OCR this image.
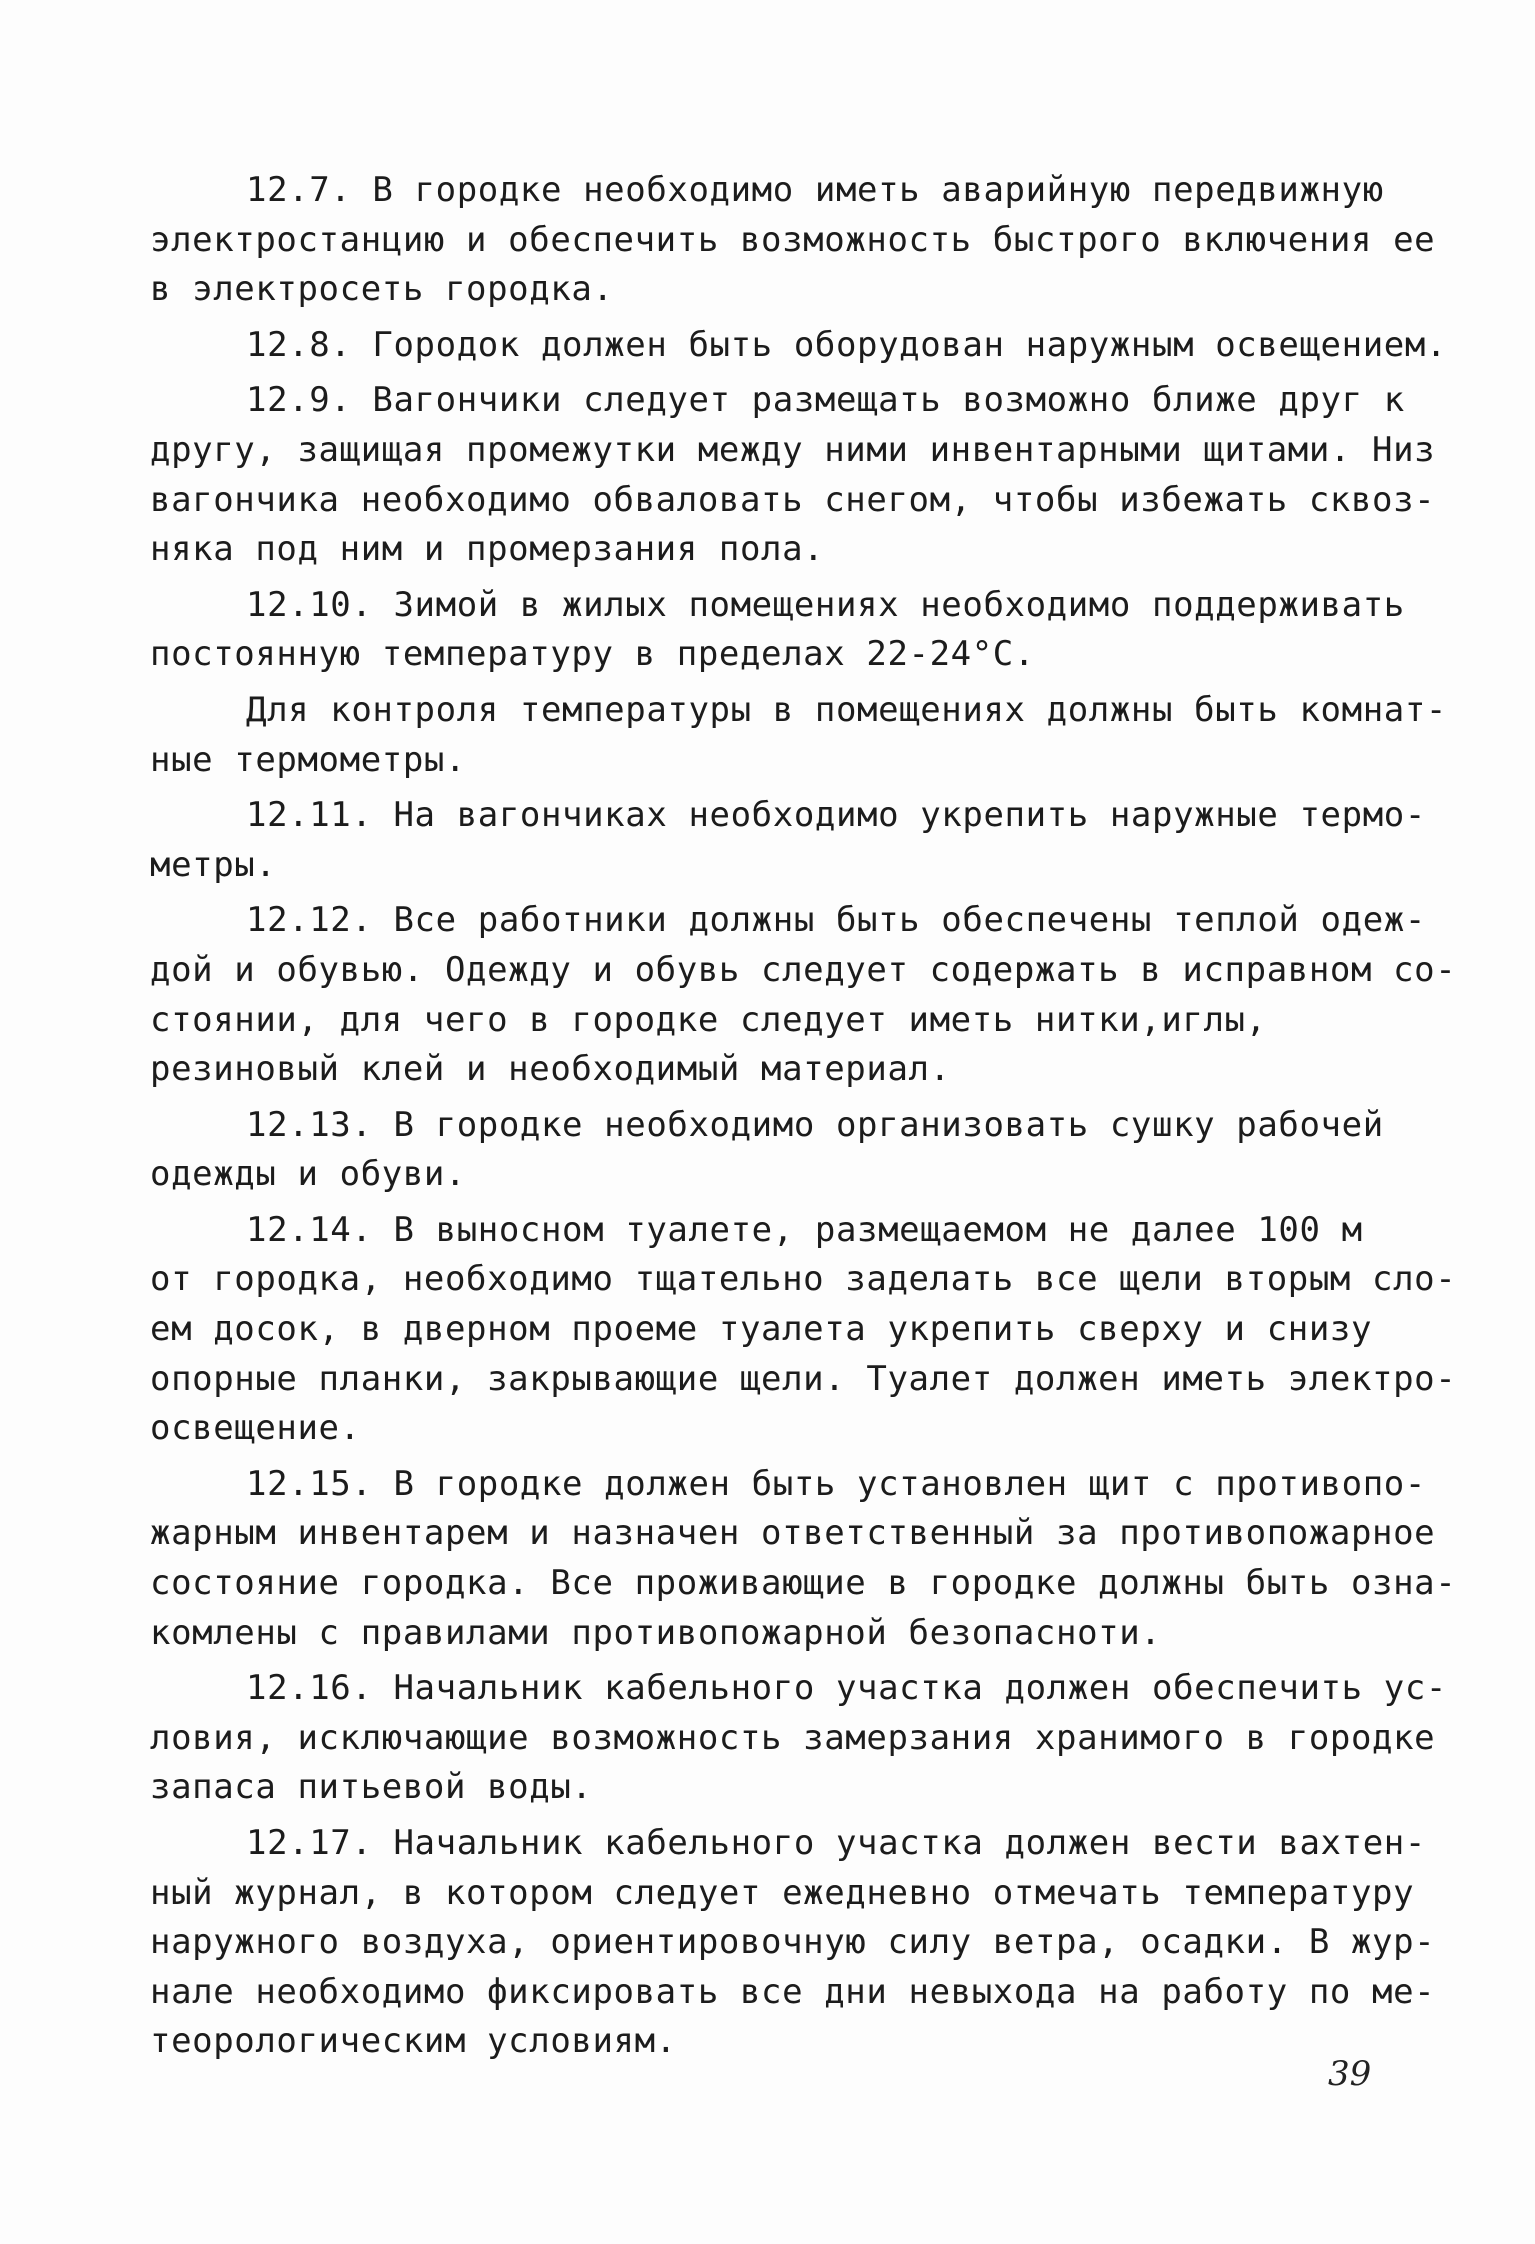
12.7. В городке необходимо иметь аварийную передвижную
электростанцию и обеспечить возможность быстрого включения ее
в электросеть городка.
12.8. Городок должен быть оборудован наружным освещением.
12.9. Вагончики следует размещать возможно ближе друг к
другу, защищая промежутки между ними инвентарными щитами. Низ
вагончика необходимо обваловать снегом, чтобы избежать сквоз-
няка под ним и промерзания пола.
12.10. Зимой в жилых помещениях необходимо поддерживать
постоянную температуру в пределах 22-24°С.
Для контроля температуры в помещениях должны быть комнат-
ные термометры.
12.11. На вагончиках необходимо укрепить наружные термо-
метры.
12.12. Все работники должны быть обеспечены теплой одеж-
дой и обувью. Одежду и обувь следует содержать в исправном со-
стоянии, для чего в городке следует иметь нитки,иглы,
резиновый клей и необходимый материал.
12.13. В городке необходимо организовать сушку рабочей
одежды и обуви.
12.14. В выносном туалете, размещаемом не далее 100 м
от городка, необходимо тщательно заделать все щели вторым сло-
ем досок, в дверном проеме туалета укрепить сверху и снизу
опорные планки, закрывающие щели. Туалет должен иметь электро-
освещение.
12.15. В городке должен быть установлен щит с противопо-
жарным инвентарем и назначен ответственный за противопожарное
состояние городка. Все проживающие в городке должны быть озна-
комлены с правилами противопожарной безопасноти.
12.16. Начальник кабельного участка должен обеспечить ус-
ловия, исключающие возможность замерзания хранимого в городке
запаса питьевой воды.
12.17. Начальник кабельного участка должен вести вахтен-
ный журнал, в котором следует ежедневно отмечать температуру
наружного воздуха, ориентировочную силу ветра, осадки. В жур-
нале необходимо фиксировать все дни невыхода на работу по ме-
теорологическим условиям.
39
